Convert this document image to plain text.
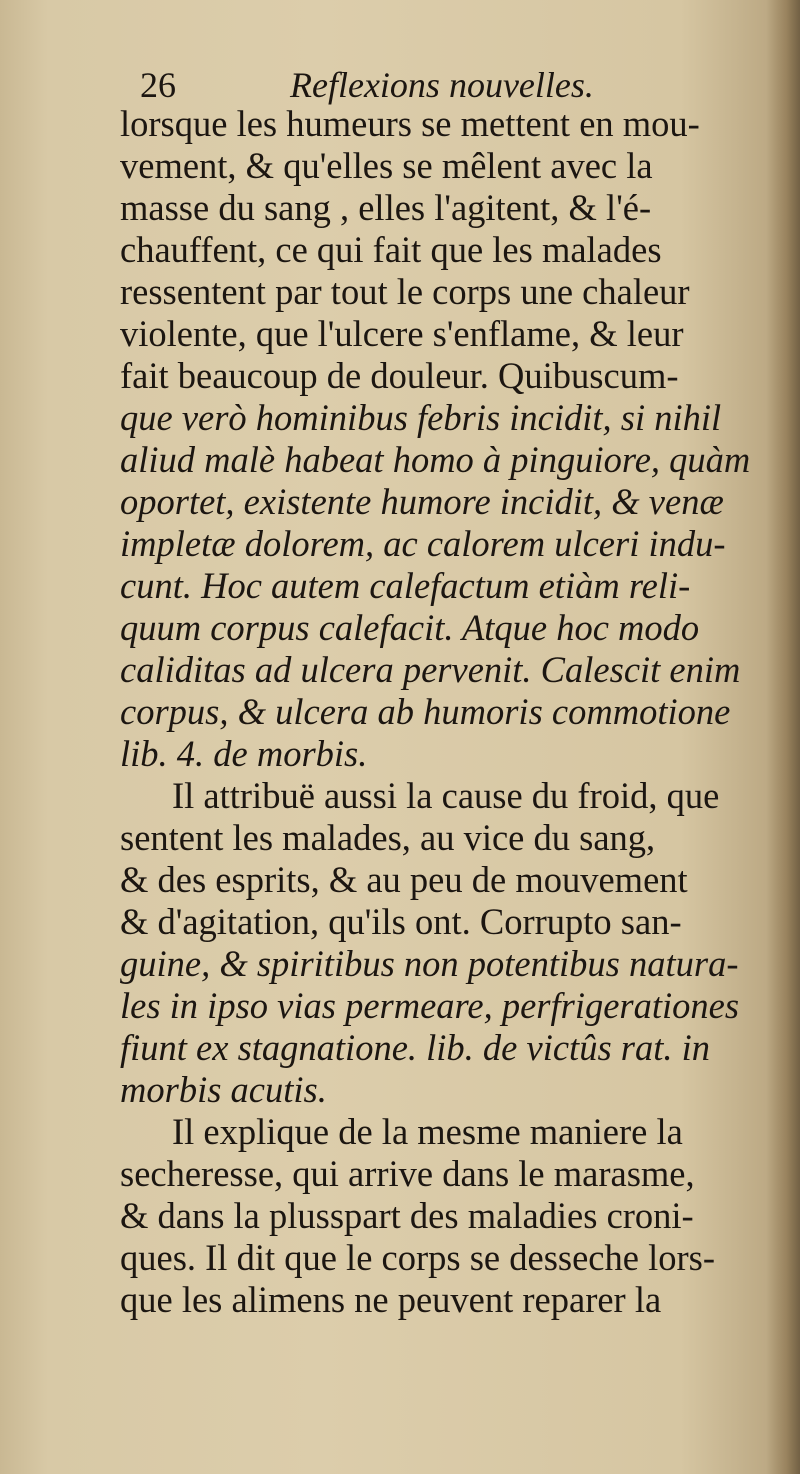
26	Reflexions nouvelles.
lorsque les humeurs se mettent en mou-
vement, & qu'elles se mêlent avec la
masse du sang , elles l'agitent, & l'é-
chauffent, ce qui fait que les malades
ressentent par tout le corps une chaleur
violente, que l'ulcere s'enflame, & leur
fait beaucoup de douleur. Quibuscum-
que verò hominibus febris incidit, si nihil
aliud malè habeat homo à pinguiore, quàm
oportet, existente humore incidit, & venæ
impletæ dolorem, ac calorem ulceri indu-
cunt. Hoc autem calefactum etiàm reli-
quum corpus calefacit. Atque hoc modo
caliditas ad ulcera pervenit. Calescit enim
corpus, & ulcera ab humoris commotione
lib. 4. de morbis.
Il attribuë aussi la cause du froid, que
sentent les malades, au vice du sang,
& des esprits, & au peu de mouvement
& d'agitation, qu'ils ont. Corrupto san-
guine, & spiritibus non potentibus natura-
les in ipso vias permeare, perfrigerationes
fiunt ex stagnatione. lib. de victûs rat. in
morbis acutis.
Il explique de la mesme maniere la
secheresse, qui arrive dans le marasme,
& dans la plusspart des maladies croni-
ques. Il dit que le corps se desseche lors-
que les alimens ne peuvent reparer la
